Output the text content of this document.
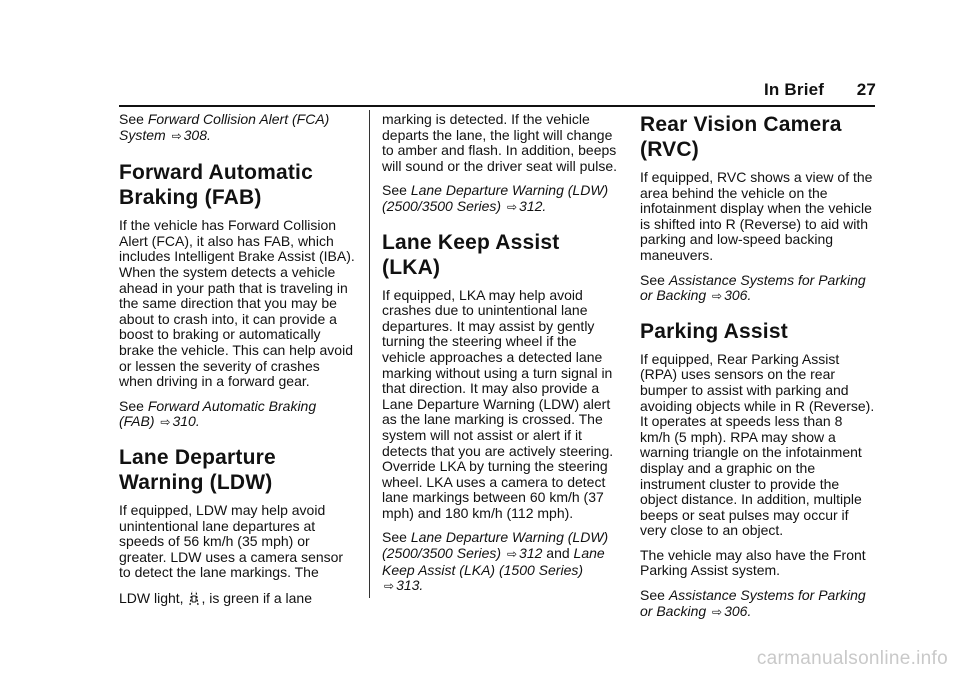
In Brief 27

See Forward Collision Alert (FCA) System ⇨ 308.

Forward Automatic Braking (FAB)

If the vehicle has Forward Collision Alert (FCA), it also has FAB, which includes Intelligent Brake Assist (IBA). When the system detects a vehicle ahead in your path that is traveling in the same direction that you may be about to crash into, it can provide a boost to braking or automatically brake the vehicle. This can help avoid or lessen the severity of crashes when driving in a forward gear.

See Forward Automatic Braking (FAB) ⇨ 310.

Lane Departure Warning (LDW)

If equipped, LDW may help avoid unintentional lane departures at speeds of 56 km/h (35 mph) or greater. LDW uses a camera sensor to detect the lane markings. The

LDW light, , is green if a lane

marking is detected. If the vehicle departs the lane, the light will change to amber and flash. In addition, beeps will sound or the driver seat will pulse.

See Lane Departure Warning (LDW) (2500/3500 Series) ⇨ 312.

Lane Keep Assist (LKA)

If equipped, LKA may help avoid crashes due to unintentional lane departures. It may assist by gently turning the steering wheel if the vehicle approaches a detected lane marking without using a turn signal in that direction. It may also provide a Lane Departure Warning (LDW) alert as the lane marking is crossed. The system will not assist or alert if it detects that you are actively steering. Override LKA by turning the steering wheel. LKA uses a camera to detect lane markings between 60 km/h (37 mph) and 180 km/h (112 mph).

See Lane Departure Warning (LDW) (2500/3500 Series) ⇨ 312 and Lane Keep Assist (LKA) (1500 Series) ⇨ 313.

Rear Vision Camera (RVC)

If equipped, RVC shows a view of the area behind the vehicle on the infotainment display when the vehicle is shifted into R (Reverse) to aid with parking and low-speed backing maneuvers.

See Assistance Systems for Parking or Backing ⇨ 306.

Parking Assist

If equipped, Rear Parking Assist (RPA) uses sensors on the rear bumper to assist with parking and avoiding objects while in R (Reverse). It operates at speeds less than 8 km/h (5 mph). RPA may show a warning triangle on the infotainment display and a graphic on the instrument cluster to provide the object distance. In addition, multiple beeps or seat pulses may occur if very close to an object.

The vehicle may also have the Front Parking Assist system.

See Assistance Systems for Parking or Backing ⇨ 306.

carmanualsonline.info
